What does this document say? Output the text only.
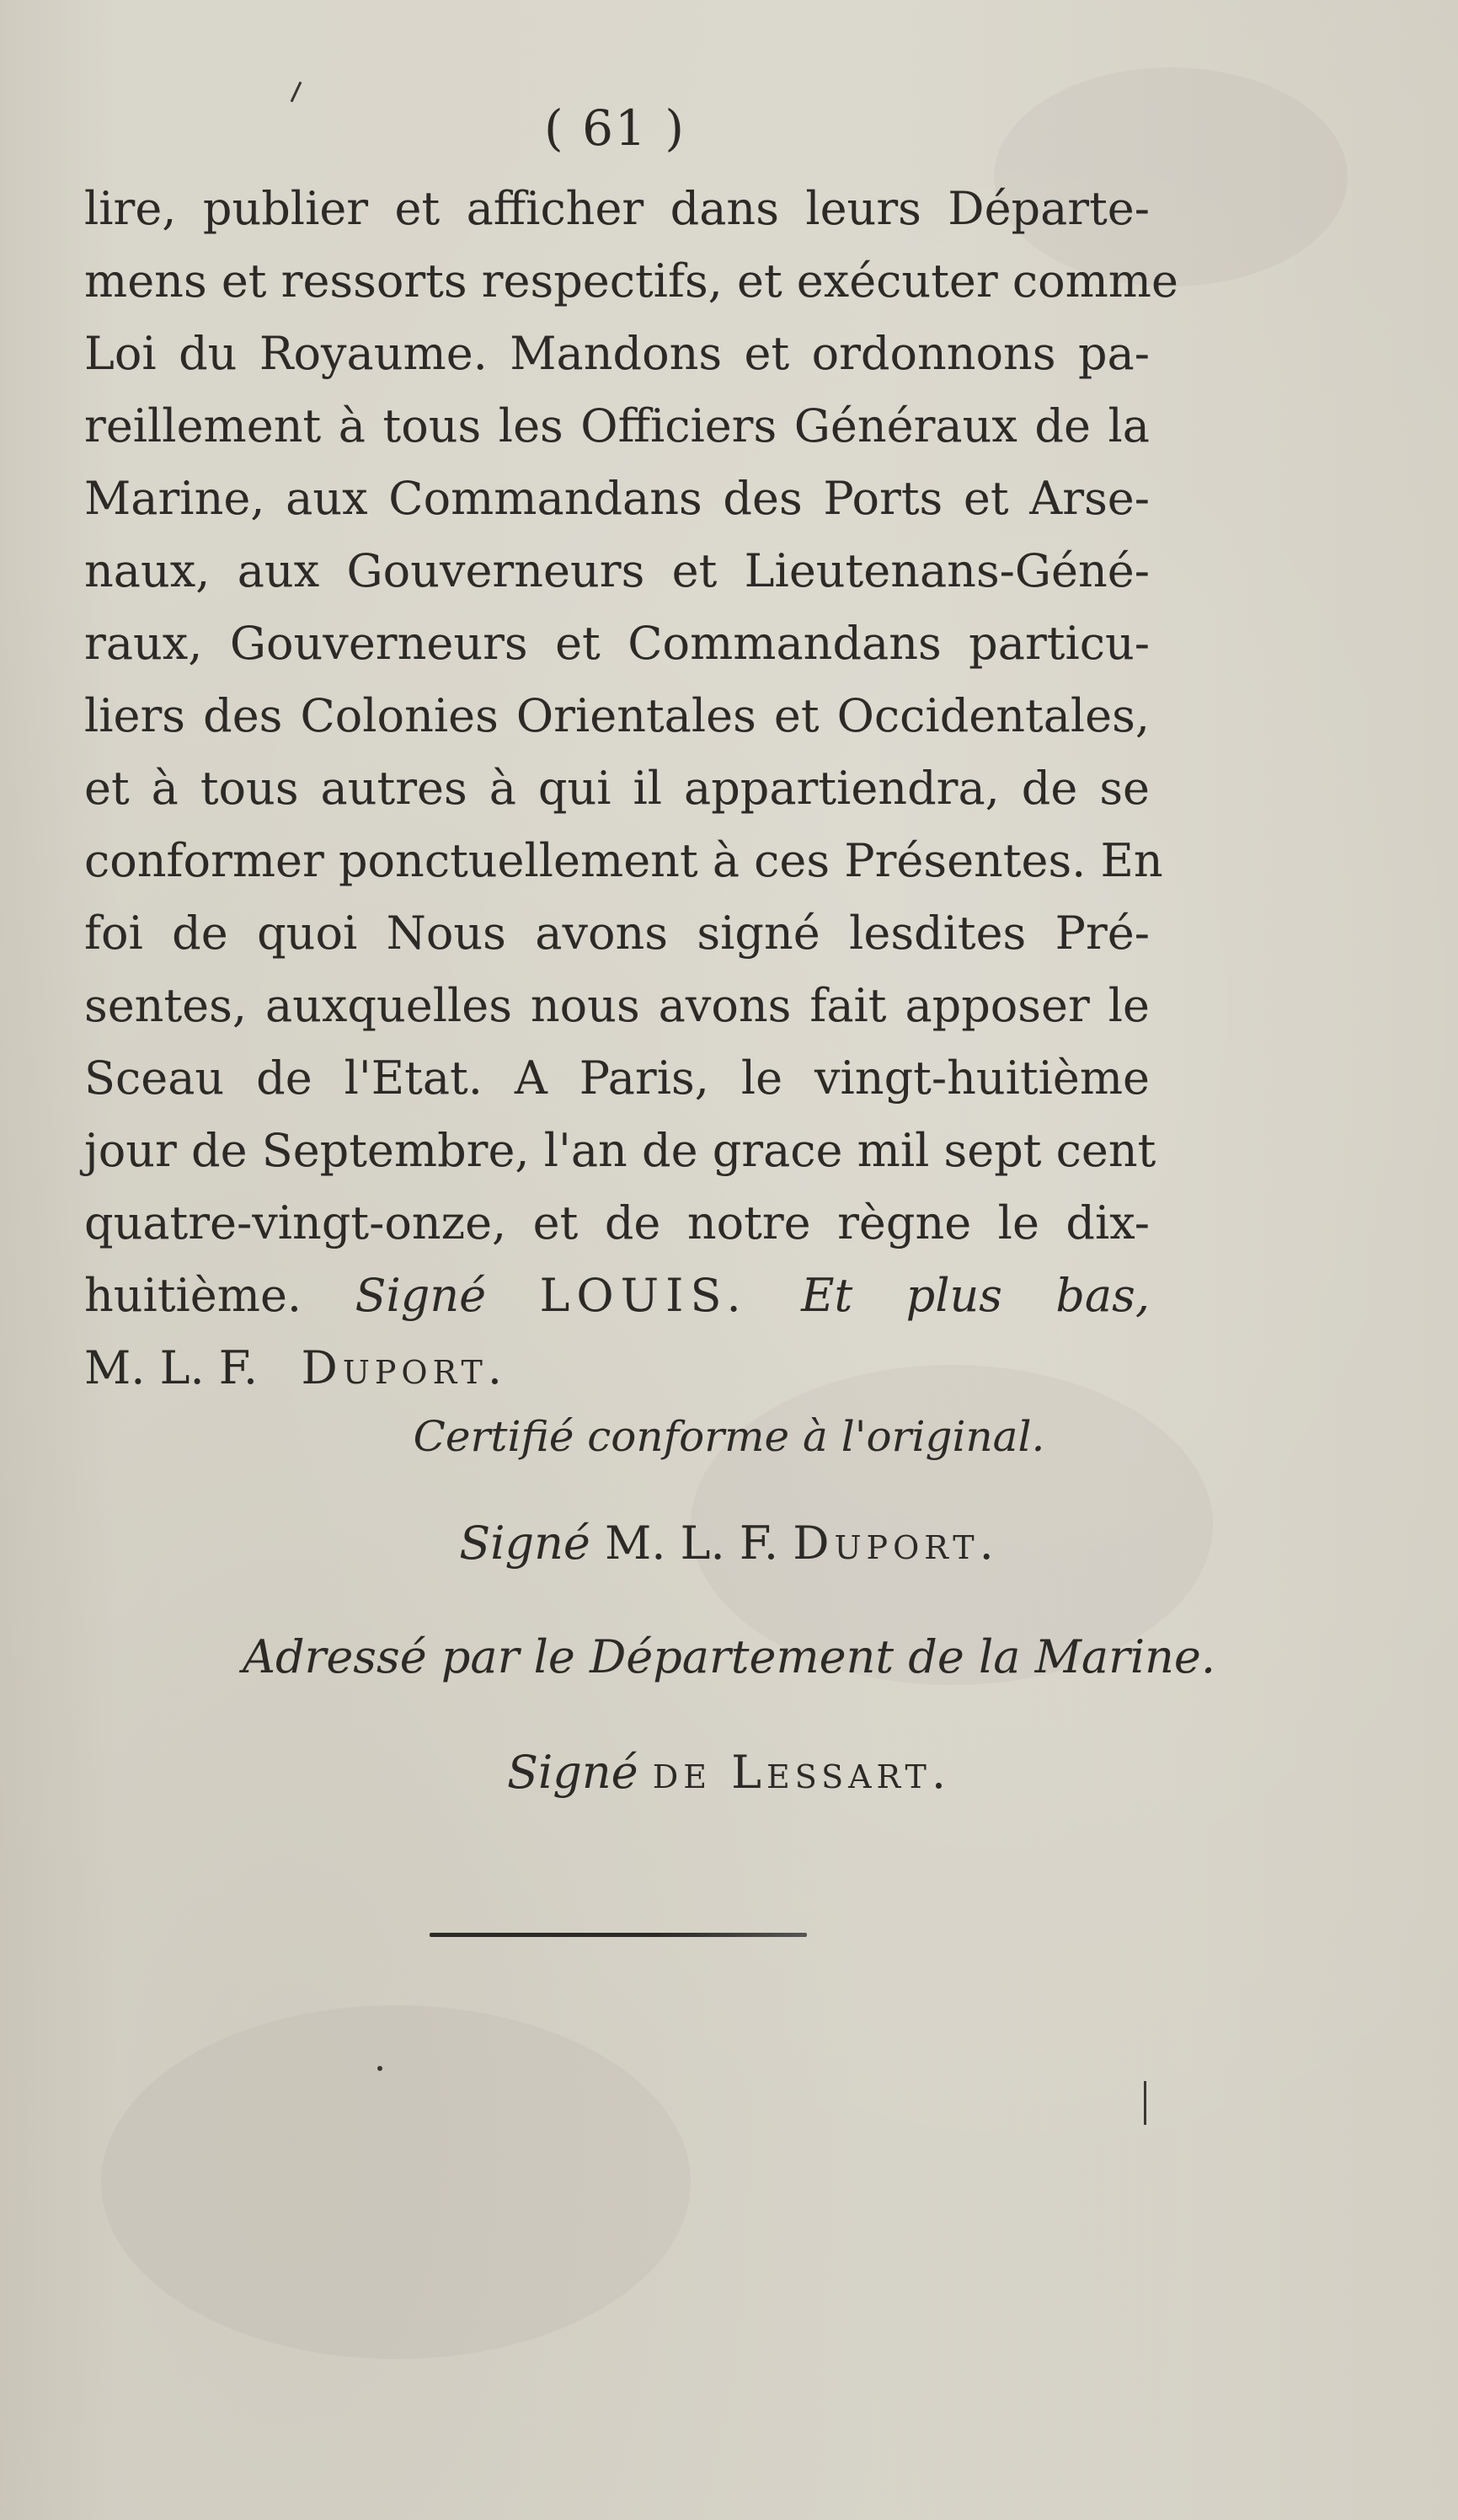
( 61 )
lire, publier et afficher dans leurs Départe-
mens et ressorts respectifs, et exécuter comme
Loi du Royaume. Mandons et ordonnons pa-
reillement à tous les Officiers Généraux de la
Marine, aux Commandans des Ports et Arse-
naux, aux Gouverneurs et Lieutenans-Géné-
raux, Gouverneurs et Commandans particu-
liers des Colonies Orientales et Occidentales,
et à tous autres à qui il appartiendra, de se
conformer ponctuellement à ces Présentes. En
foi de quoi Nous avons signé lesdites Pré-
sentes, auxquelles nous avons fait apposer le
Sceau de l'Etat. A Paris, le vingt-huitième
jour de Septembre, l'an de grace mil sept cent
quatre-vingt-onze, et de notre règne le dix-
huitième. Signé LOUIS. Et plus bas,
M. L. F. Duport.
Certifié conforme à l'original.
Signé M. L. F. Duport.
Adressé par le Département de la Marine.
Signé de Lessart.
